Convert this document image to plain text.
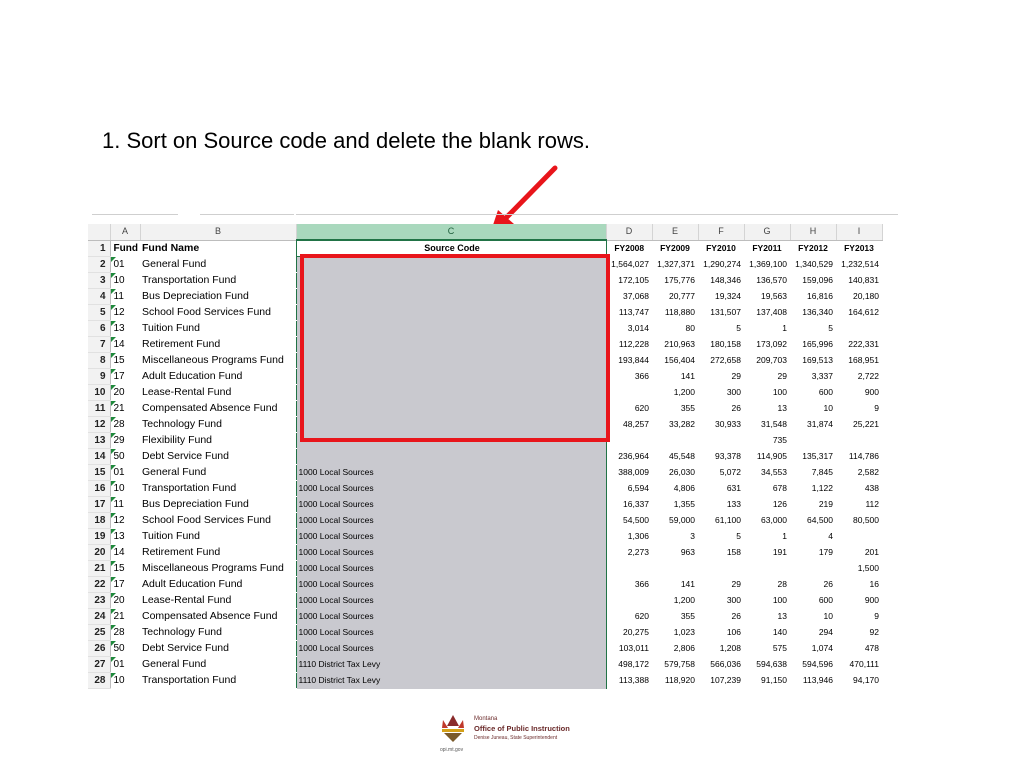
1. Sort on Source code and delete the blank rows.
	A	B	C	D	E	F	G	H	I
1	Fund	Fund Name	Source Code	FY2008	FY2009	FY2010	FY2011	FY2012	FY2013
2	01	General Fund		1,564,027	1,327,371	1,290,274	1,369,100	1,340,529	1,232,514
3	10	Transportation Fund		172,105	175,776	148,346	136,570	159,096	140,831
4	11	Bus Depreciation Fund		37,068	20,777	19,324	19,563	16,816	20,180
5	12	School Food Services Fund		113,747	118,880	131,507	137,408	136,340	164,612
6	13	Tuition Fund		3,014	80	5	1	5	
7	14	Retirement Fund		112,228	210,963	180,158	173,092	165,996	222,331
8	15	Miscellaneous Programs Fund		193,844	156,404	272,658	209,703	169,513	168,951
9	17	Adult Education Fund		366	141	29	29	3,337	2,722
10	20	Lease-Rental Fund			1,200	300	100	600	900
11	21	Compensated Absence Fund		620	355	26	13	10	9
12	28	Technology Fund		48,257	33,282	30,933	31,548	31,874	25,221
13	29	Flexibility Fund					735		
14	50	Debt Service Fund		236,964	45,548	93,378	114,905	135,317	114,786
15	01	General Fund	1000 Local Sources	388,009	26,030	5,072	34,553	7,845	2,582
16	10	Transportation Fund	1000 Local Sources	6,594	4,806	631	678	1,122	438
17	11	Bus Depreciation Fund	1000 Local Sources	16,337	1,355	133	126	219	112
18	12	School Food Services Fund	1000 Local Sources	54,500	59,000	61,100	63,000	64,500	80,500
19	13	Tuition Fund	1000 Local Sources	1,306	3	5	1	4	
20	14	Retirement Fund	1000 Local Sources	2,273	963	158	191	179	201
21	15	Miscellaneous Programs Fund	1000 Local Sources						1,500
22	17	Adult Education Fund	1000 Local Sources	366	141	29	28	26	16
23	20	Lease-Rental Fund	1000 Local Sources		1,200	300	100	600	900
24	21	Compensated Absence Fund	1000 Local Sources	620	355	26	13	10	9
25	28	Technology Fund	1000 Local Sources	20,275	1,023	106	140	294	92
26	50	Debt Service Fund	1000 Local Sources	103,011	2,806	1,208	575	1,074	478
27	01	General Fund	1110 District Tax Levy	498,172	579,758	566,036	594,638	594,596	470,111
28	10	Transportation Fund	1110 District Tax Levy	113,388	118,920	107,239	91,150	113,946	94,170
opi.mt.gov
Montana
Office of Public Instruction
Denise Juneau, State Superintendent
